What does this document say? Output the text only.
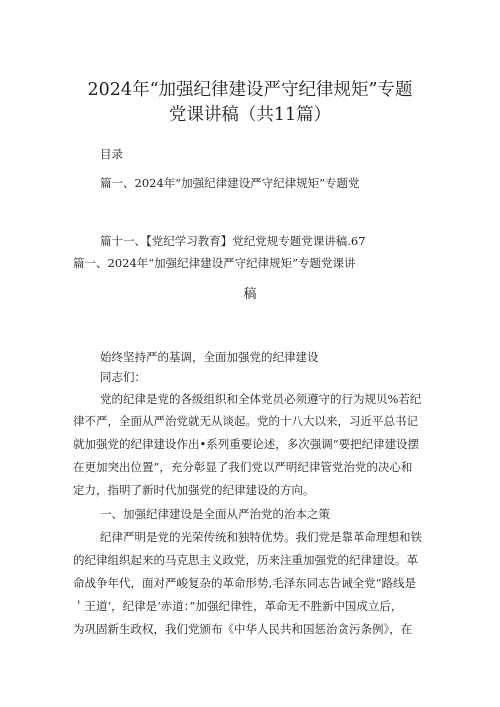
2024年“加强纪律建设严守纪律规矩”专题
党课讲稿（共11篇）
目录
篇一、2024年“加强纪律建设严守纪律规矩”专题党
篇十一、【党纪学习教育】党纪党规专题党课讲稿.67
篇一、2024年“加强纪律建设严守纪律规矩”专题党课讲
稿
始终坚持严的基调，全面加强党的纪律建设
同志们：
党的纪律是党的各级组织和全体党员必须遵守的行为规贝%若纪
律不严，全面从严治党就无从谈起。党的十八大以来，习近平总书记
就加强党的纪律建设作出•系列重要论述，多次强调“要把纪律建设摆
在更加突出位置”，充分彰显了我们党以严明纪律管党治党的决心和
定力，指明了新时代加强党的纪律建设的方向。
一、加强纪律建设是全面从严治党的治本之策
纪律严明是党的光荣传统和独特优势。我们党是靠革命理想和铁
的纪律组织起来的马克思主义政党，历来注重加强党的纪律建设。革
命战争年代，面对严峻复杂的革命形势,毛泽东同志告诫全党“路线是
＇王道‘，纪律是‘赤道：”加强纪律性，革命无不胜新中国成立后，
为巩固新生政权，我们党颁布《中华人民共和国惩治贪污条例》，在
